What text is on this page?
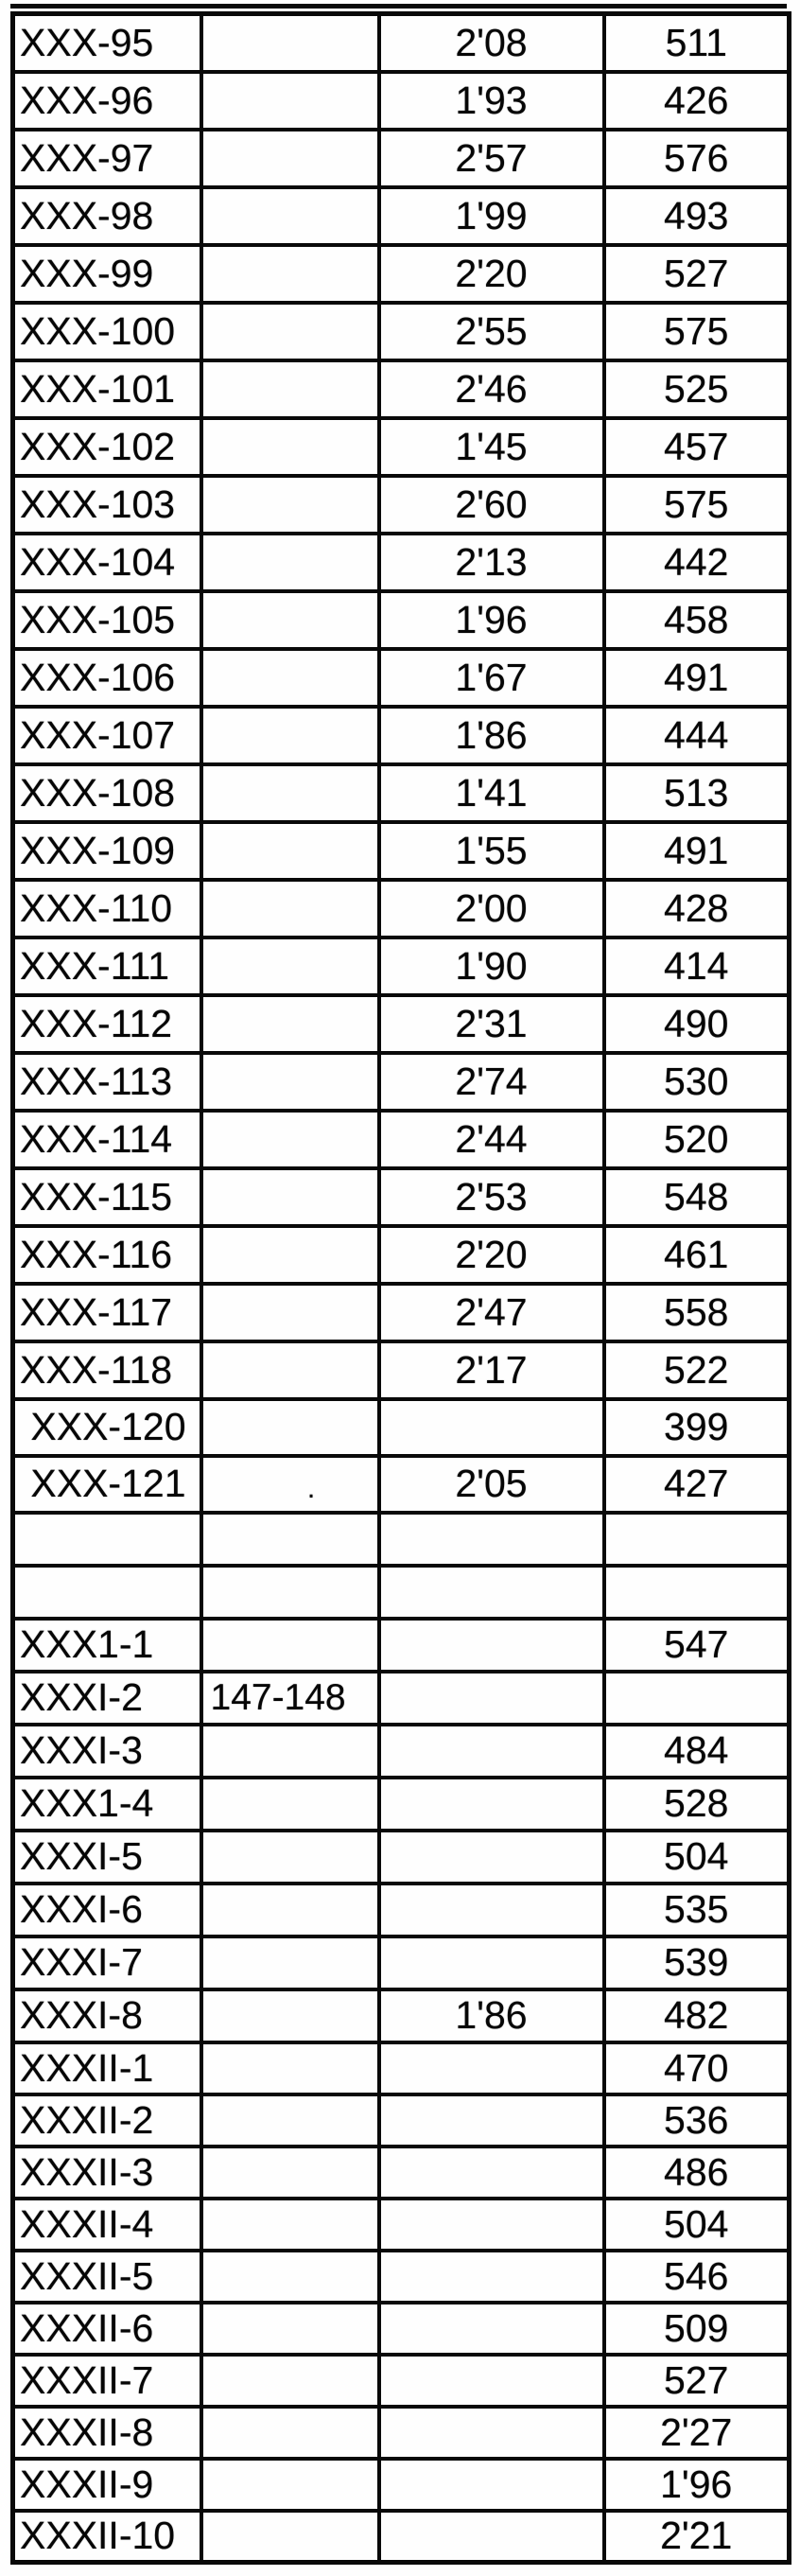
XXX-95		2'08	511
XXX-96		1'93	426
XXX-97		2'57	576
XXX-98		1'99	493
XXX-99		2'20	527
XXX-100		2'55	575
XXX-101		2'46	525
XXX-102		1'45	457
XXX-103		2'60	575
XXX-104		2'13	442
XXX-105		1'96	458
XXX-106		1'67	491
XXX-107		1'86	444
XXX-108		1'41	513
XXX-109		1'55	491
XXX-110		2'00	428
XXX-111		1'90	414
XXX-112		2'31	490
XXX-113		2'74	530
XXX-114		2'44	520
XXX-115		2'53	548
XXX-116		2'20	461
XXX-117		2'47	558
XXX-118		2'17	522
XXX-120			399
XXX-121	.	2'05	427

XXX1-1			547
XXXI-2	147-148		
XXXI-3			484
XXX1-4			528
XXXI-5			504
XXXI-6			535
XXXI-7			539
XXXI-8		1'86	482
XXXII-1			470
XXXII-2			536
XXXII-3			486
XXXII-4			504
XXXII-5			546
XXXII-6			509
XXXII-7			527
XXXII-8			2'27
XXXII-9			1'96
XXXII-10			2'21
